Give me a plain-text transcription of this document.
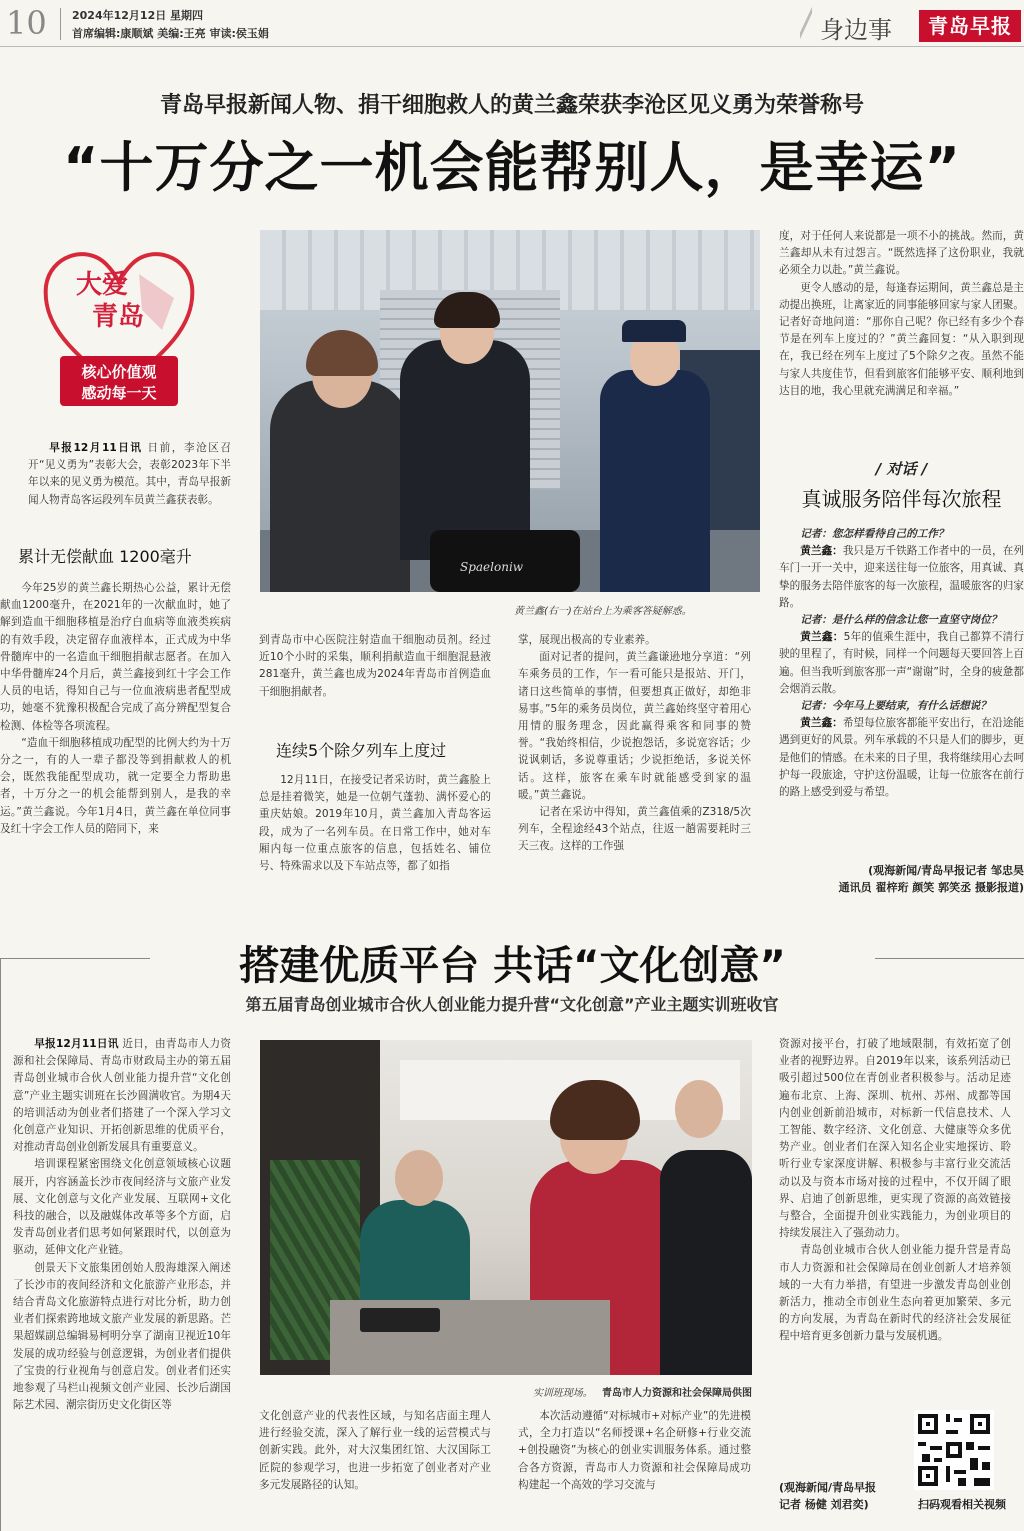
10 2024年12月12日 星期四
首席编辑:康顺斌 美编:王亮 审读:侯玉娟	身边事	青岛早报
青岛早报新闻人物、捐干细胞救人的黄兰鑫荣获李沧区见义勇为荣誉称号
“十万分之一机会能帮别人，是幸运”
大爱
青岛
核心价值观
感动每一天

早报12月11日讯 日前，李沧区召开“见义勇为”表彰大会，表彰2023年下半年以来的见义勇为模范。其中，青岛早报新闻人物青岛客运段列车员黄兰鑫获表彰。

累计无偿献血 1200毫升

今年25岁的黄兰鑫长期热心公益，累计无偿献血1200毫升，在2021年的一次献血时，她了解到造血干细胞移植是治疗白血病等血液类疾病的有效手段，决定留存血液样本，正式成为中华骨髓库中的一名造血干细胞捐献志愿者。在加入中华骨髓库24个月后，黄兰鑫接到红十字会工作人员的电话，得知自己与一位血液病患者配型成功，她毫不犹豫积极配合完成了高分辨配型复合检测、体检等各项流程。

“造血干细胞移植成功配型的比例大约为十万分之一，有的人一辈子都没等到捐献救人的机会，既然我能配型成功，就一定要全力帮助患者，十万分之一的机会能帮到别人，是我的幸运。”黄兰鑫说。今年1月4日，黄兰鑫在单位同事及红十字会工作人员的陪同下，来

Spaeloniw
黄兰鑫(右一)在站台上为乘客答疑解惑。

到青岛市中心医院注射造血干细胞动员剂。经过近10个小时的采集，顺利捐献造血干细胞混悬液281毫升，黄兰鑫也成为2024年青岛市首例造血干细胞捐献者。

连续5个除夕列车上度过

12月11日，在接受记者采访时，黄兰鑫脸上总是挂着微笑，她是一位朝气蓬勃、满怀爱心的重庆姑娘。2019年10月，黄兰鑫加入青岛客运段，成为了一名列车员。在日常工作中，她对车厢内每一位重点旅客的信息，包括姓名、铺位号、特殊需求以及下车站点等，都了如指

掌，展现出极高的专业素养。

面对记者的提问，黄兰鑫谦逊地分享道：“列车乘务员的工作，乍一看可能只是报站、开门，诸日这些简单的事情，但要想真正做好，却绝非易事。”5年的乘务员岗位，黄兰鑫始终坚守着用心用情的服务理念，因此赢得乘客和同事的赞誉。“我始终相信，少说抱怨话，多说宽容话；少说讽刺话，多说尊重话；少说拒绝话，多说关怀话。这样，旅客在乘车时就能感受到家的温暖。”黄兰鑫说。

记者在采访中得知，黄兰鑫值乘的Z318/5次列车，全程途经43个站点，往返一趟需要耗时三天三夜。这样的工作强

度，对于任何人来说都是一项不小的挑战。然而，黄兰鑫却从未有过怨言。“既然选择了这份职业，我就必须全力以赴。”黄兰鑫说。

更令人感动的是，每逢春运期间，黄兰鑫总是主动提出换班，让离家近的同事能够回家与家人团聚。记者好奇地问道：“那你自己呢？你已经有多少个春节是在列车上度过的？”黄兰鑫回复：“从入职到现在，我已经在列车上度过了5个除夕之夜。虽然不能与家人共度佳节，但看到旅客们能够平安、顺利地到达目的地，我心里就充满满足和幸福。”

/ 对话 /
真诚服务陪伴每次旅程

记者：您怎样看待自己的工作？

黄兰鑫：我只是万千铁路工作者中的一员，在列车门一开一关中，迎来送往每一位旅客，用真诚、真挚的服务去陪伴旅客的每一次旅程，温暖旅客的归家路。

记者：是什么样的信念让您一直坚守岗位？

黄兰鑫：5年的值乘生涯中，我自己都算不清行驶的里程了，有时候，同样一个问题每天要回答上百遍。但当我听到旅客那一声“谢谢”时，全身的疲惫都会烟消云散。

记者：今年马上要结束，有什么话想说？

黄兰鑫：希望每位旅客都能平安出行，在沿途能遇到更好的风景。列车承载的不只是人们的脚步，更是他们的情感。在未来的日子里，我将继续用心去呵护每一段旅途，守护这份温暖，让每一位旅客在前行的路上感受到爱与希望。

(观海新闻/青岛早报记者 邹忠昊
通讯员 翟梓珩 颜笑 郭笑丞 摄影报道)
搭建优质平台 共话“文化创意”
第五届青岛创业城市合伙人创业能力提升营“文化创意”产业主题实训班收官

早报12月11日讯 近日，由青岛市人力资源和社会保障局、青岛市财政局主办的第五届青岛创业城市合伙人创业能力提升营“文化创意”产业主题实训班在长沙圆满收官。为期4天的培训活动为创业者们搭建了一个深入学习文化创意产业知识、开拓创新思维的优质平台，对推动青岛创业创新发展具有重要意义。

培训课程紧密围绕文化创意领域核心议题展开，内容涵盖长沙市夜间经济与文旅产业发展、文化创意与文化产业发展、互联网+文化科技的融合，以及融媒体改革等多个方面，启发青岛创业者们思考如何紧跟时代，以创意为驱动，延伸文化产业链。

创景天下文旅集团创始人殷海雄深入阐述了长沙市的夜间经济和文化旅游产业形态，并结合青岛文化旅游特点进行对比分析，助力创业者们探索跨地域文旅产业发展的新思路。芒果超媒副总编辑易柯明分享了湖南卫视近10年发展的成功经验与创意逻辑，为创业者们提供了宝贵的行业视角与创意启发。创业者们还实地参观了马栏山视频文创产业园、长沙后湖国际艺术园、潮宗街历史文化街区等

实训班现场。 青岛市人力资源和社会保障局供图

文化创意产业的代表性区域，与知名店面主理人进行经验交流，深入了解行业一线的运营模式与创新实践。此外，对大汉集团红馆、大汉国际工匠院的参观学习，也进一步拓宽了创业者对产业多元发展路径的认知。

本次活动遵循“对标城市+对标产业”的先进模式，全力打造以“名师授课+名企研修+行业交流+创投融资”为核心的创业实训服务体系。通过整合各方资源，青岛市人力资源和社会保障局成功构建起一个高效的学习交流与

资源对接平台，打破了地域限制，有效拓宽了创业者的视野边界。自2019年以来，该系列活动已吸引超过500位在青创业者积极参与。活动足迹遍布北京、上海、深圳、杭州、苏州、成都等国内创业创新前沿城市，对标新一代信息技术、人工智能、数字经济、文化创意、大健康等众多优势产业。创业者们在深入知名企业实地探访、聆听行业专家深度讲解、积极参与丰富行业交流活动以及与资本市场对接的过程中，不仅开阔了眼界、启迪了创新思维，更实现了资源的高效链接与整合，全面提升创业实践能力，为创业项目的持续发展注入了强劲动力。

青岛创业城市合伙人创业能力提升营是青岛市人力资源和社会保障局在创业创新人才培养领域的一大有力举措，有望进一步激发青岛创业创新活力，推动全市创业生态向着更加繁荣、多元的方向发展，为青岛在新时代的经济社会发展征程中培育更多创新力量与发展机遇。

(观海新闻/青岛早报
记者 杨健 刘君奕)	扫码观看相关视频
